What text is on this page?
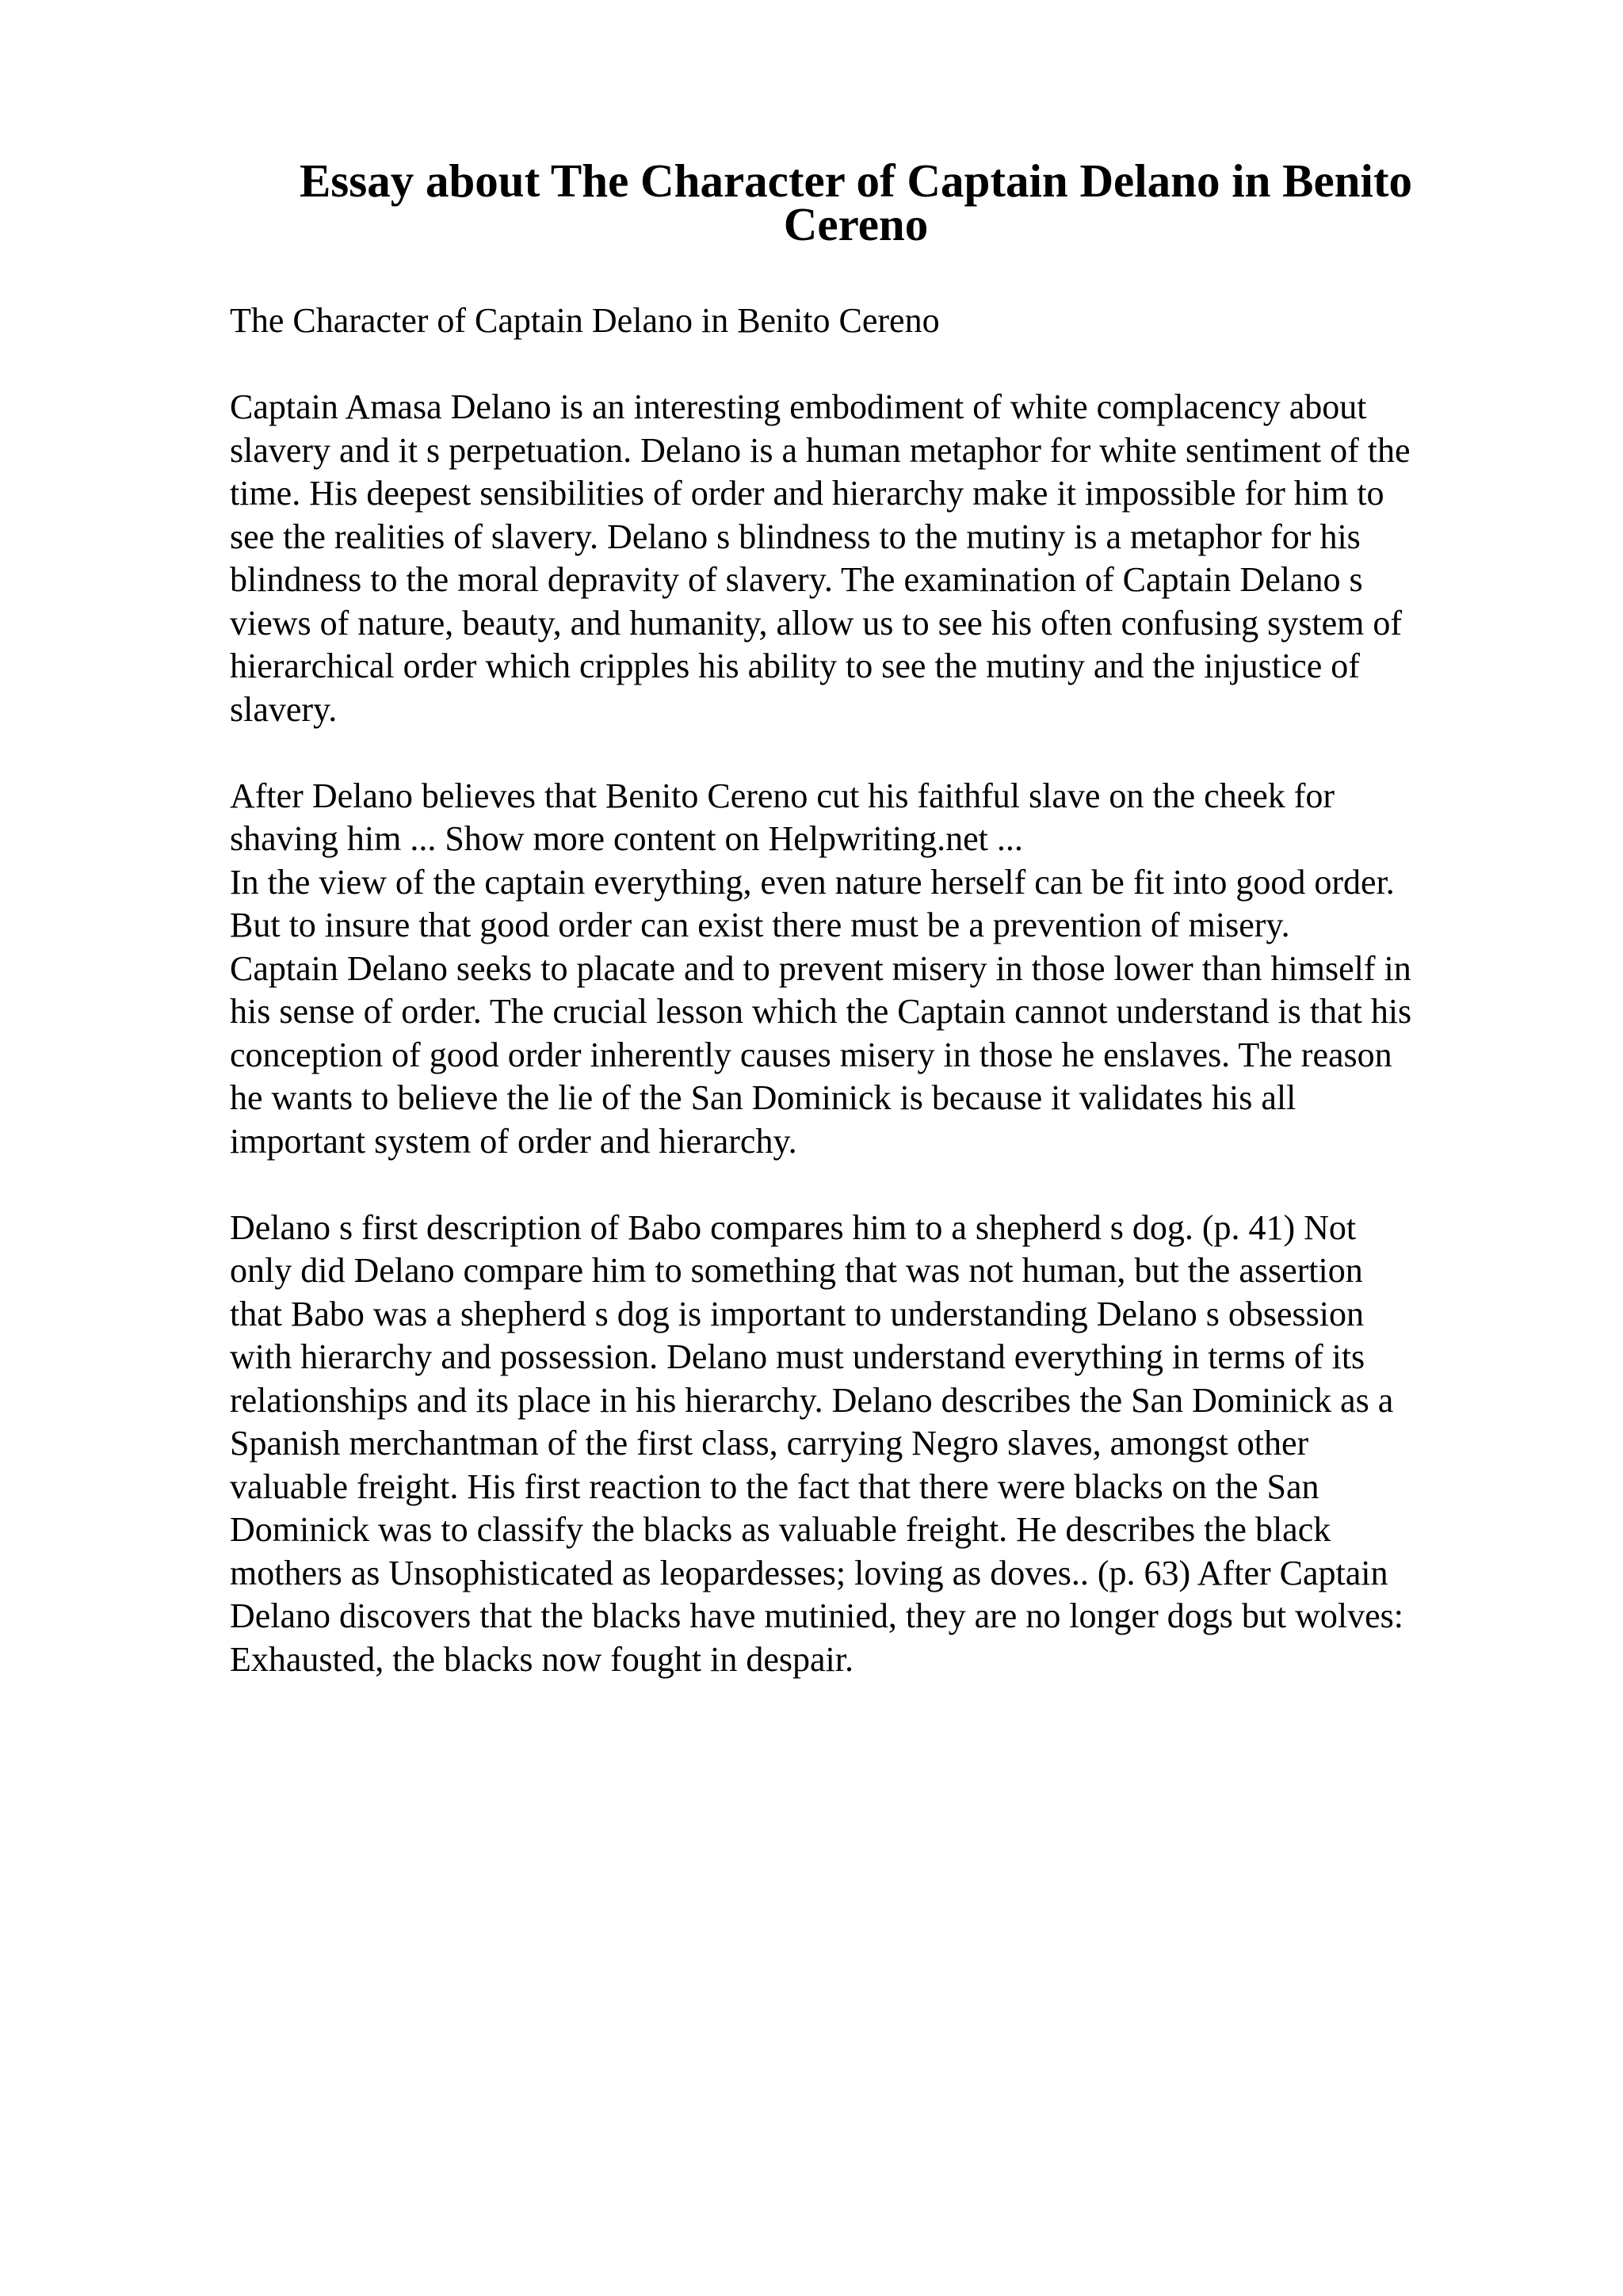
Essay about The Character of Captain Delano in Benito
Cereno

The Character of Captain Delano in Benito Cereno

Captain Amasa Delano is an interesting embodiment of white complacency about
slavery and it s perpetuation. Delano is a human metaphor for white sentiment of the
time. His deepest sensibilities of order and hierarchy make it impossible for him to
see the realities of slavery. Delano s blindness to the mutiny is a metaphor for his
blindness to the moral depravity of slavery. The examination of Captain Delano s
views of nature, beauty, and humanity, allow us to see his often confusing system of
hierarchical order which cripples his ability to see the mutiny and the injustice of
slavery.

After Delano believes that Benito Cereno cut his faithful slave on the cheek for
shaving him ... Show more content on Helpwriting.net ...

In the view of the captain everything, even nature herself can be fit into good order.
But to insure that good order can exist there must be a prevention of misery.
Captain Delano seeks to placate and to prevent misery in those lower than himself in
his sense of order. The crucial lesson which the Captain cannot understand is that his
conception of good order inherently causes misery in those he enslaves. The reason
he wants to believe the lie of the San Dominick is because it validates his all
important system of order and hierarchy.

Delano s first description of Babo compares him to a shepherd s dog. (p. 41) Not
only did Delano compare him to something that was not human, but the assertion
that Babo was a shepherd s dog is important to understanding Delano s obsession
with hierarchy and possession. Delano must understand everything in terms of its
relationships and its place in his hierarchy. Delano describes the San Dominick as a
Spanish merchantman of the first class, carrying Negro slaves, amongst other
valuable freight. His first reaction to the fact that there were blacks on the San
Dominick was to classify the blacks as valuable freight. He describes the black
mothers as Unsophisticated as leopardesses; loving as doves.. (p. 63) After Captain
Delano discovers that the blacks have mutinied, they are no longer dogs but wolves:
Exhausted, the blacks now fought in despair.
